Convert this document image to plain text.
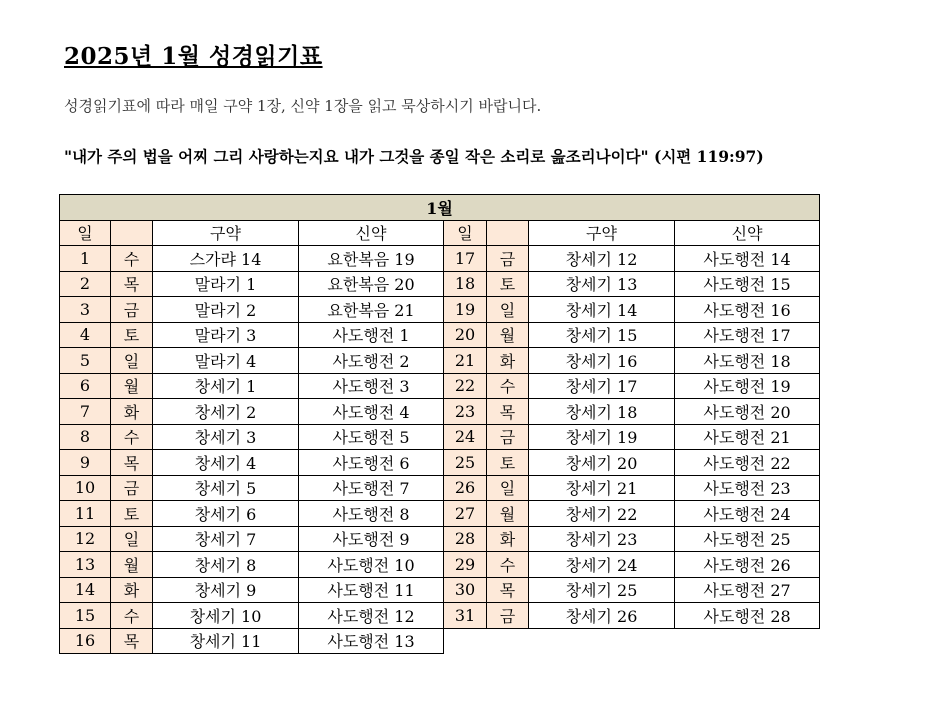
2025년 1월 성경읽기표
성경읽기표에 따라 매일 구약 1장, 신약 1장을 읽고 묵상하시기 바랍니다.
"내가 주의 법을 어찌 그리 사랑하는지요 내가 그것을 종일 작은 소리로 읊조리나이다" (시편 119:97)
1월							
일		구약	신약	일		구약	신약
1	수	스가랴 14	요한복음 19	17	금	창세기 12	사도행전 14
2	목	말라기 1	요한복음 20	18	토	창세기 13	사도행전 15
3	금	말라기 2	요한복음 21	19	일	창세기 14	사도행전 16
4	토	말라기 3	사도행전 1	20	월	창세기 15	사도행전 17
5	일	말라기 4	사도행전 2	21	화	창세기 16	사도행전 18
6	월	창세기 1	사도행전 3	22	수	창세기 17	사도행전 19
7	화	창세기 2	사도행전 4	23	목	창세기 18	사도행전 20
8	수	창세기 3	사도행전 5	24	금	창세기 19	사도행전 21
9	목	창세기 4	사도행전 6	25	토	창세기 20	사도행전 22
10	금	창세기 5	사도행전 7	26	일	창세기 21	사도행전 23
11	토	창세기 6	사도행전 8	27	월	창세기 22	사도행전 24
12	일	창세기 7	사도행전 9	28	화	창세기 23	사도행전 25
13	월	창세기 8	사도행전 10	29	수	창세기 24	사도행전 26
14	화	창세기 9	사도행전 11	30	목	창세기 25	사도행전 27
15	수	창세기 10	사도행전 12	31	금	창세기 26	사도행전 28
16	목	창세기 11	사도행전 13				
